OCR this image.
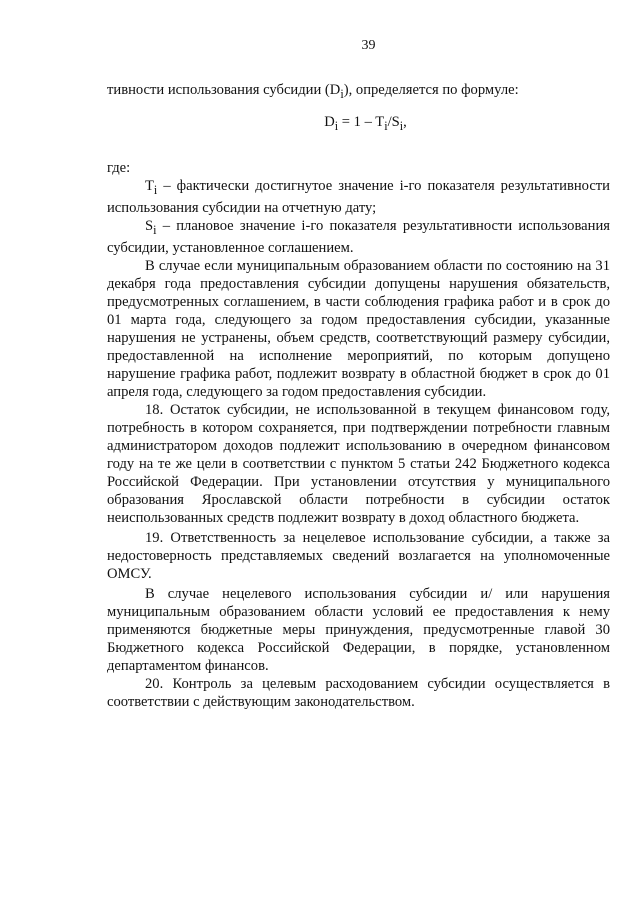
39

тивности использования субсидии $(D_i)$, определяется по формуле:

$D_i = 1 - T_i/S_i$,

где:

$T_i$ – фактически достигнутое значение i-го показателя результативности использования субсидии на отчетную дату;

$S_i$ – плановое значение i-го показателя результативности использования субсидии, установленное соглашением.

В случае если муниципальным образованием области по состоянию на 31 декабря года предоставления субсидии допущены нарушения обязательств, предусмотренных соглашением, в части соблюдения графика работ и в срок до 01 марта года, следующего за годом предоставления субсидии, указанные нарушения не устранены, объем средств, соответствующий размеру субсидии, предоставленной на исполнение мероприятий, по которым допущено нарушение графика работ, подлежит возврату в областной бюджет в срок до 01 апреля года, следующего за годом предоставления субсидии.

18. Остаток субсидии, не использованной в текущем финансовом году, потребность в котором сохраняется, при подтверждении потребности главным администратором доходов подлежит использованию в очередном финансовом году на те же цели в соответствии с пунктом 5 статьи 242 Бюджетного кодекса Российской Федерации. При установлении отсутствия у муниципального образования Ярославской области потребности в субсидии остаток неиспользованных средств подлежит возврату в доход областного бюджета.

19. Ответственность за нецелевое использование субсидии, а также за недостоверность представляемых сведений возлагается на уполномоченные ОМСУ.

В случае нецелевого использования субсидии и/ или нарушения муниципальным образованием области условий ее предоставления к нему применяются бюджетные меры принуждения, предусмотренные главой 30 Бюджетного кодекса Российской Федерации, в порядке, установленном департаментом финансов.

20. Контроль за целевым расходованием субсидии осуществляется в соответствии с действующим законодательством.
